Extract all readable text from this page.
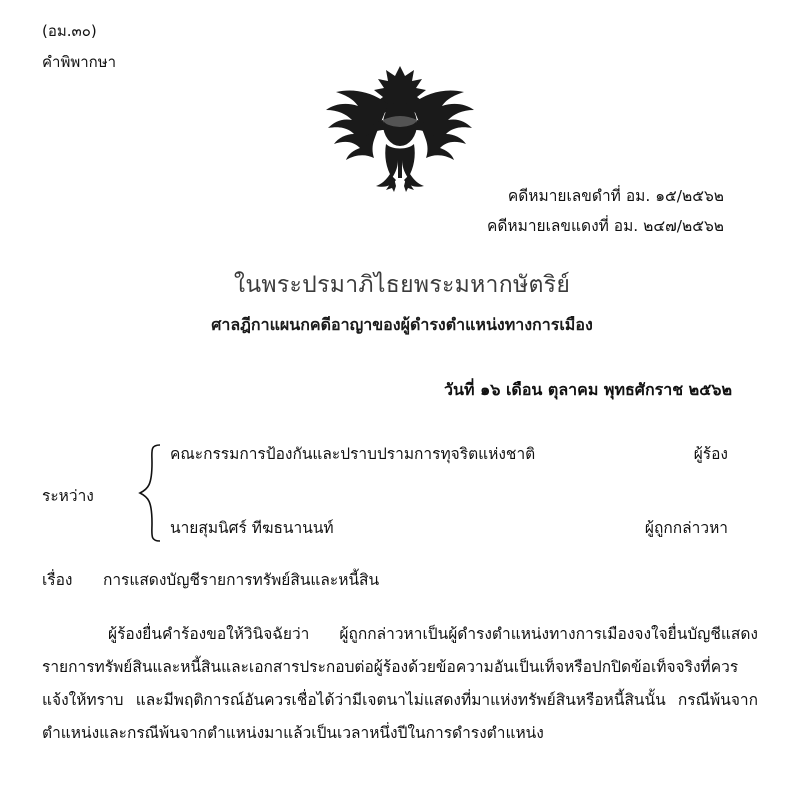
(อม.๓๐)
คำพิพากษา
คดีหมายเลขดำที่ อม. ๑๕/๒๕๖๒
คดีหมายเลขแดงที่ อม. ๒๔๗/๒๕๖๒
ในพระปรมาภิไธยพระมหากษัตริย์
ศาลฎีกาแผนกคดีอาญาของผู้ดำรงตำแหน่งทางการเมือง
วันที่ ๑๖ เดือน ตุลาคม พุทธศักราช ๒๕๖๒
ระหว่าง
คณะกรรมการป้องกันและปราบปรามการทุจริตแห่งชาติ	ผู้ร้อง
นายสุมนิศร์ ทีฆธนานนท์	ผู้ถูกกล่าวหา
เรื่อง การแสดงบัญชีรายการทรัพย์สินและหนี้สิน

ผู้ร้องยื่นคำร้องขอให้วินิจฉัยว่า ผู้ถูกกล่าวหาเป็นผู้ดำรงตำแหน่งทางการเมืองจงใจยื่นบัญชีแสดงรายการทรัพย์สินและหนี้สินและเอกสารประกอบต่อผู้ร้องด้วยข้อความอันเป็นเท็จหรือปกปิดข้อเท็จจริงที่ควรแจ้งให้ทราบ และมีพฤติการณ์อันควรเชื่อได้ว่ามีเจตนาไม่แสดงที่มาแห่งทรัพย์สินหรือหนี้สินนั้น กรณีพ้นจากตำแหน่งและกรณีพ้นจากตำแหน่งมาแล้วเป็นเวลาหนึ่งปีในการดำรงตำแหน่ง
